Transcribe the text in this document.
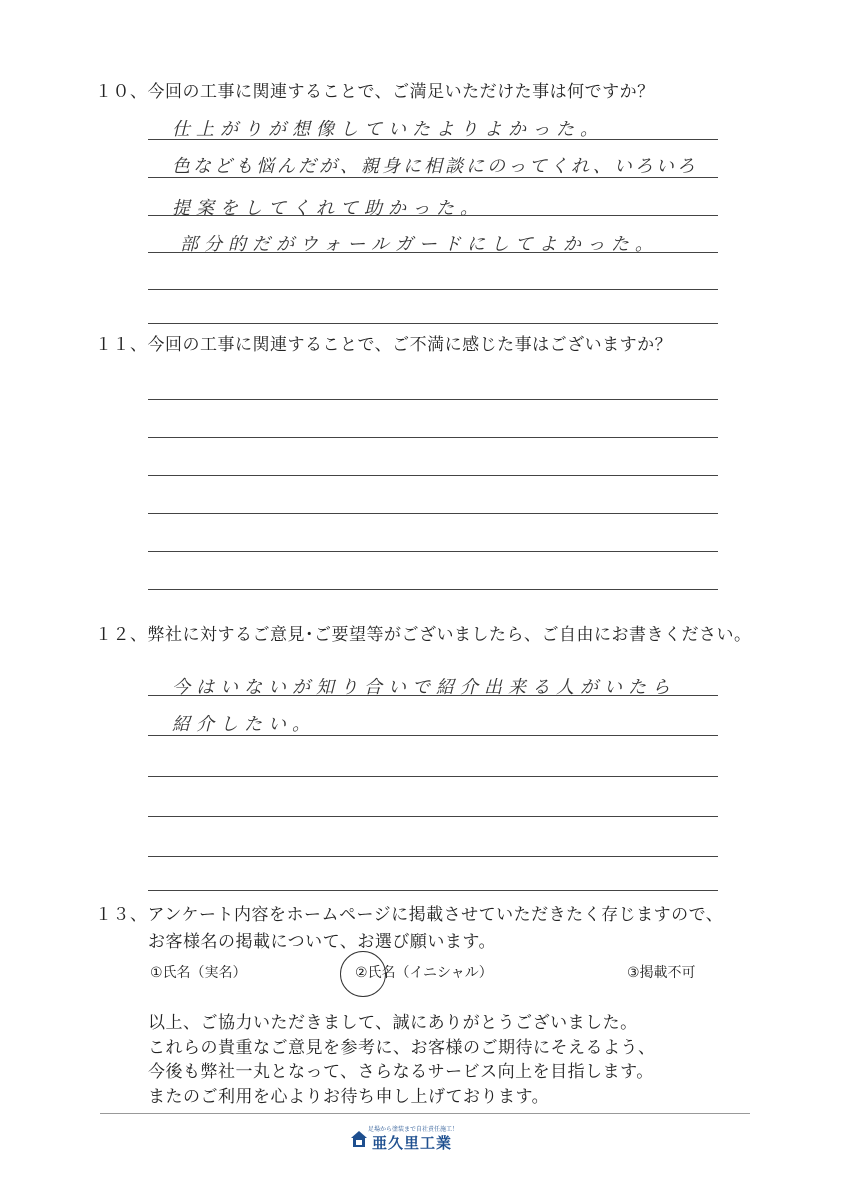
１０、今回の工事に関連することで、ご満足いただけた事は何ですか？
仕上がりが想像していたよりよかった。
色なども悩んだが、親身に相談にのってくれ、いろいろ
提案をしてくれて助かった。
部分的だがウォールガードにしてよかった。
１１、今回の工事に関連することで、ご不満に感じた事はございますか？
１２、弊社に対するご意見･ご要望等がございましたら、ご自由にお書きください。
今はいないが知り合いで紹介出来る人がいたら
紹介したい。
１３、アンケート内容をホームページに掲載させていただきたく存じますので、
お客様名の掲載について、お選び願います。
①氏名（実名）	②氏名（イニシャル）	③掲載不可
以上、ご協力いただきまして、誠にありがとうございました。
これらの貴重なご意見を参考に、お客様のご期待にそえるよう、
今後も弊社一丸となって、さらなるサービス向上を目指します。
またのご利用を心よりお待ち申し上げております。
足場から塗装まで自社責任施工！
亜久里工業
